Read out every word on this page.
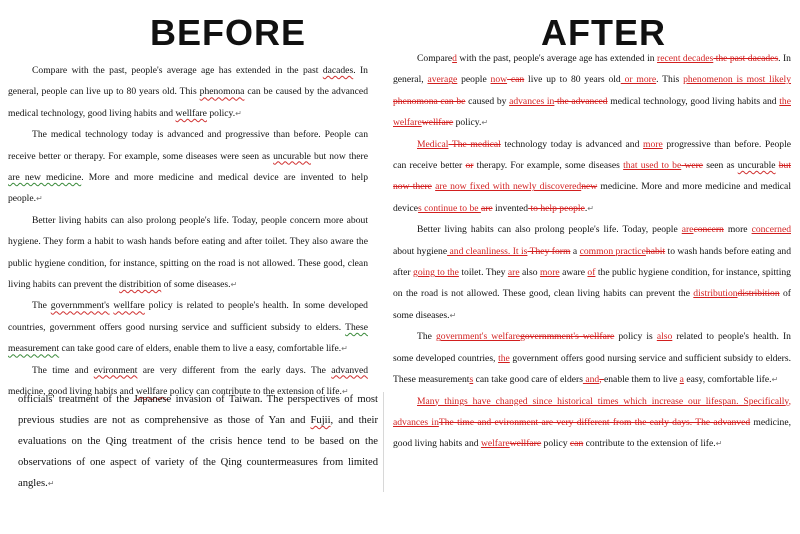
BEFORE	AFTER

Compare with the past, people's average age has extended in the past dacades. In general, people can live up to 80 years old. This phenomona can be caused by the advanced medical technology, good living habits and wellfare policy.↵

The medical technology today is advanced and progressive than before. People can receive better or therapy. For example, some diseases were seen as uncurable but now there are new medicine. More and more medicine and medical device are invented to help people.↵

Better living habits can also prolong people's life. Today, people concern more about hygiene. They form a habit to wash hands before eating and after toilet. They also aware the public hygiene condition, for instance, spitting on the road is not allowed. These good, clean living habits can prevent the distribition of some diseases.↵

The governmment's wellfare policy is related to people's health. In some developed countries, government offers good nursing service and sufficient subsidy to elders. These measurement can take good care of elders, enable them to live a easy, comfortable life.↵

The time and evironment are very different from the early days. The advanved medicine, good living habits and wellfare policy can contribute to the extension of life.↵

officials' treatment of the Japanese invasion of Taiwan. The perspectives of most previous studies are not as comprehensive as those of Yan and Fujii, and their evaluations on the Qing treatment of the crisis hence tend to be based on the observations of one aspect of variety of the Qing countermeasures from limited angles.↵

Compared with the past, people's average age has extended in recent decades the past dacades. In general, average people now can live up to 80 years old or more. This phenomenon is most likely phenomona can be caused by advances in the advanced medical technology, good living habits and the welfarewellfare policy.↵

Medical The medical technology today is advanced and more progressive than before. People can receive better or therapy. For example, some diseases that used to be were seen as uncurable but now there are now fixed with newly discoverednew medicine. More and more medicine and medical devices continue to be are invented to help people.↵

Better living habits can also prolong people's life. Today, people areconcern more concerned about hygiene and cleanliness. It is They form a common practicehabit to wash hands before eating and after going to the toilet. They are also more aware of the public hygiene condition, for instance, spitting on the road is not allowed. These good, clean living habits can prevent the distributiondistribition of some diseases.↵

The government's welfaregovernmment's wellfare policy is also related to people's health. In some developed countries, the government offers good nursing service and sufficient subsidy to elders. These measurements can take good care of elders and, enable them to live a easy, comfortable life.↵

Many things have changed since historical times which increase our lifespan. Specifically, advances inThe time and evironment are very different from the early days. The advanved medicine, good living habits and welfarewellfare policy can contribute to the extension of life.↵
